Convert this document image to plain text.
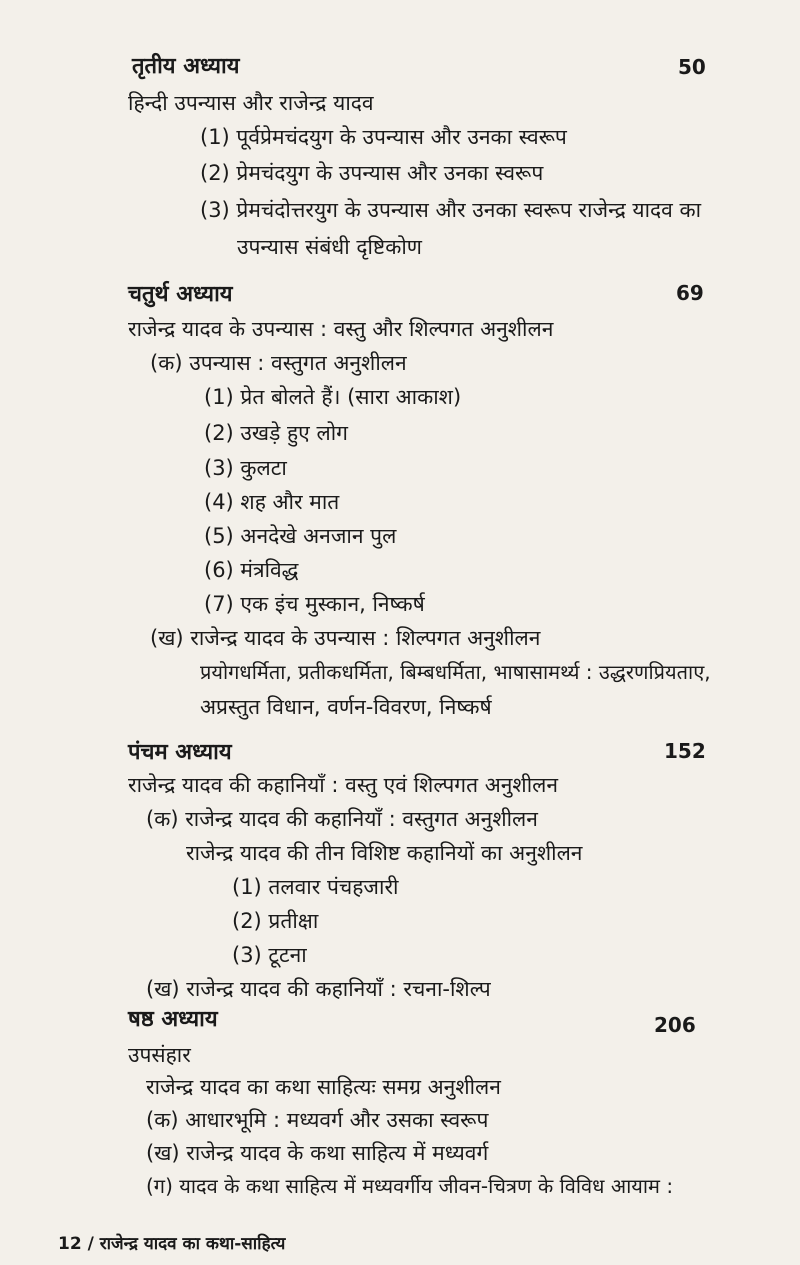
तृतीय अध्याय	50
हिन्दी उपन्यास और राजेन्द्र यादव
(1) पूर्वप्रेमचंदयुग के उपन्यास और उनका स्वरूप
(2) प्रेमचंदयुग के उपन्यास और उनका स्वरूप
(3) प्रेमचंदोत्तरयुग के उपन्यास और उनका स्वरूप राजेन्द्र यादव का
उपन्यास संबंधी दृष्टिकोण
चतुर्थ अध्याय	69
राजेन्द्र यादव के उपन्यास : वस्तु और शिल्पगत अनुशीलन
(क) उपन्यास : वस्तुगत अनुशीलन
(1) प्रेत बोलते हैं। (सारा आकाश)
(2) उखड़े हुए लोग
(3) कुलटा
(4) शह और मात
(5) अनदेखे अनजान पुल
(6) मंत्रविद्ध
(7) एक इंच मुस्कान, निष्कर्ष
(ख) राजेन्द्र यादव के उपन्यास : शिल्पगत अनुशीलन
प्रयोगधर्मिता, प्रतीकधर्मिता, बिम्बधर्मिता, भाषासामर्थ्य : उद्धरणप्रियताए,
अप्रस्तुत विधान, वर्णन-विवरण, निष्कर्ष
पंचम अध्याय	152
राजेन्द्र यादव की कहानियाँ : वस्तु एवं शिल्पगत अनुशीलन
(क) राजेन्द्र यादव की कहानियाँ : वस्तुगत अनुशीलन
राजेन्द्र यादव की तीन विशिष्ट कहानियों का अनुशीलन
(1) तलवार पंचहजारी
(2) प्रतीक्षा
(3) टूटना
(ख) राजेन्द्र यादव की कहानियाँ : रचना-शिल्प
षष्ठ अध्याय	206
उपसंहार
राजेन्द्र यादव का कथा साहित्यः समग्र अनुशीलन
(क) आधारभूमि : मध्यवर्ग और उसका स्वरूप
(ख) राजेन्द्र यादव के कथा साहित्य में मध्यवर्ग
(ग) यादव के कथा साहित्य में मध्यवर्गीय जीवन-चित्रण के विविध आयाम :
12 / राजेन्द्र यादव का कथा-साहित्य
